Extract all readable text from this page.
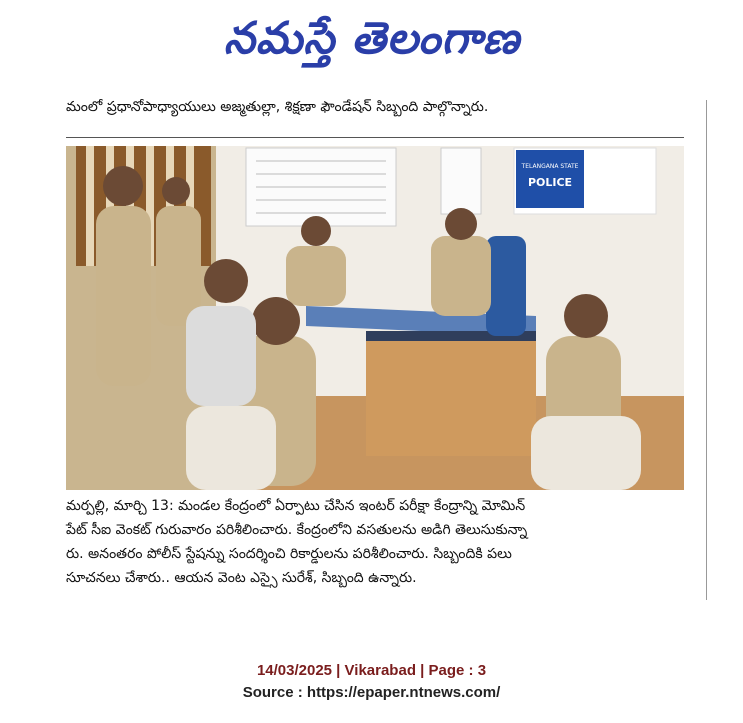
నమస్తే తెలంగాణ
మంలో ప్రధానోపాధ్యాయులు అజ్మతుల్లా, శిక్షణా ఫౌండేషన్ సిబ్బంది పాల్గొన్నారు.
TELANGANA STATE
POLICE

మర్పల్లి, మార్చి 13: మండల కేంద్రంలో ఏర్పాటు చేసిన ఇంటర్ పరీక్షా కేంద్రాన్ని మోమిన్

పేట్ సీఐ వెంకట్ గురువారం పరిశీలించారు. కేంద్రంలోని వసతులను అడిగి తెలుసుకున్నా

రు. అనంతరం పోలీస్ స్టేషన్ను సందర్శించి రికార్డులను పరిశీలించారు. సిబ్బందికి పలు

సూచనలు చేశారు.. ఆయన వెంట ఎస్సై సురేశ్, సిబ్బంది ఉన్నారు.

14/03/2025 | Vikarabad | Page : 3
Source : https://epaper.ntnews.com/
